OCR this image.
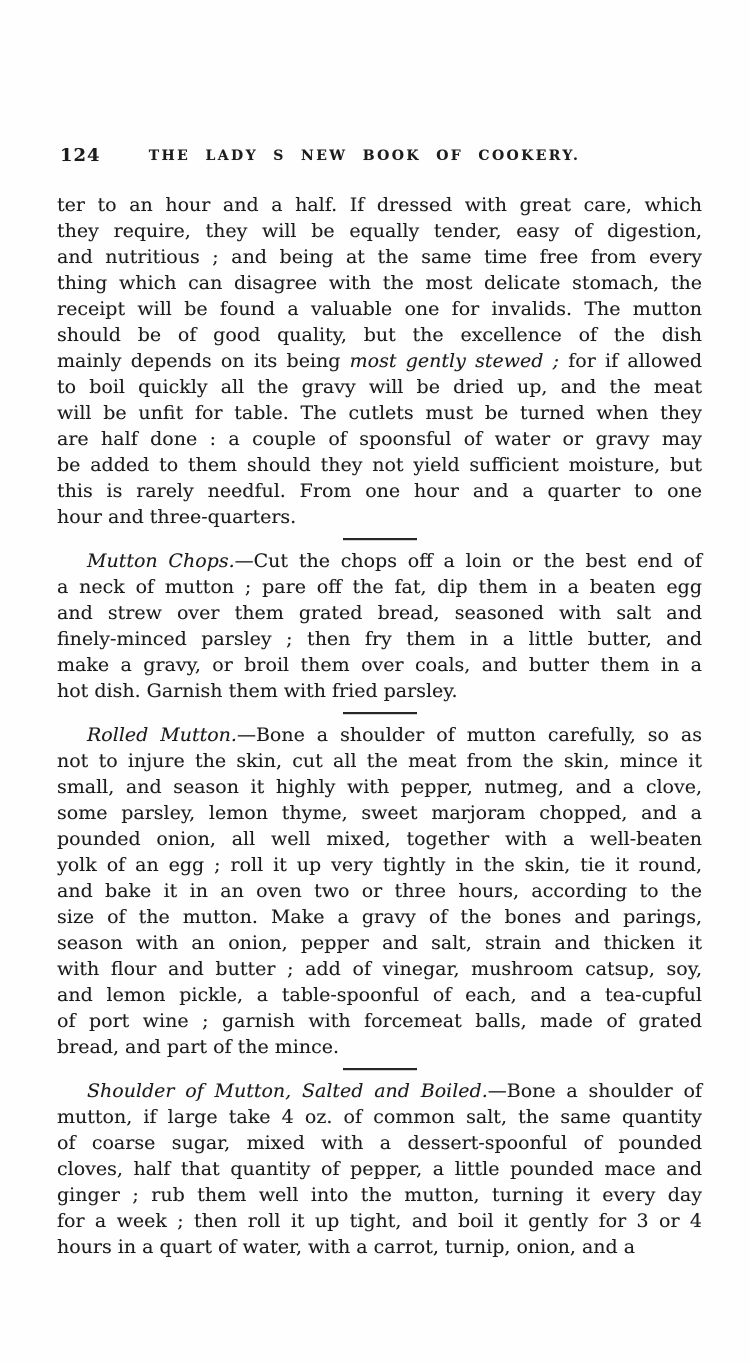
124	THE LADY S NEW BOOK OF COOKERY.
ter to an hour and a half. If dressed with great care, which
they require, they will be equally tender, easy of digestion,
and nutritious ; and being at the same time free from every
thing which can disagree with the most delicate stomach, the
receipt will be found a valuable one for invalids. The mutton
should be of good quality, but the excellence of the dish
mainly depends on its being most gently stewed ; for if allowed
to boil quickly all the gravy will be dried up, and the meat
will be unfit for table. The cutlets must be turned when they
are half done : a couple of spoonsful of water or gravy may
be added to them should they not yield sufficient moisture, but
this is rarely needful. From one hour and a quarter to one
hour and three-quarters.
Mutton Chops.—Cut the chops off a loin or the best end of
a neck of mutton ; pare off the fat, dip them in a beaten egg
and strew over them grated bread, seasoned with salt and
finely-minced parsley ; then fry them in a little butter, and
make a gravy, or broil them over coals, and butter them in a
hot dish. Garnish them with fried parsley.
Rolled Mutton.—Bone a shoulder of mutton carefully, so as
not to injure the skin, cut all the meat from the skin, mince it
small, and season it highly with pepper, nutmeg, and a clove,
some parsley, lemon thyme, sweet marjoram chopped, and a
pounded onion, all well mixed, together with a well-beaten
yolk of an egg ; roll it up very tightly in the skin, tie it round,
and bake it in an oven two or three hours, according to the
size of the mutton. Make a gravy of the bones and parings,
season with an onion, pepper and salt, strain and thicken it
with flour and butter ; add of vinegar, mushroom catsup, soy,
and lemon pickle, a table-spoonful of each, and a tea-cupful
of port wine ; garnish with forcemeat balls, made of grated
bread, and part of the mince.
Shoulder of Mutton, Salted and Boiled.—Bone a shoulder of
mutton, if large take 4 oz. of common salt, the same quantity
of coarse sugar, mixed with a dessert-spoonful of pounded
cloves, half that quantity of pepper, a little pounded mace and
ginger ; rub them well into the mutton, turning it every day
for a week ; then roll it up tight, and boil it gently for 3 or 4
hours in a quart of water, with a carrot, turnip, onion, and a
